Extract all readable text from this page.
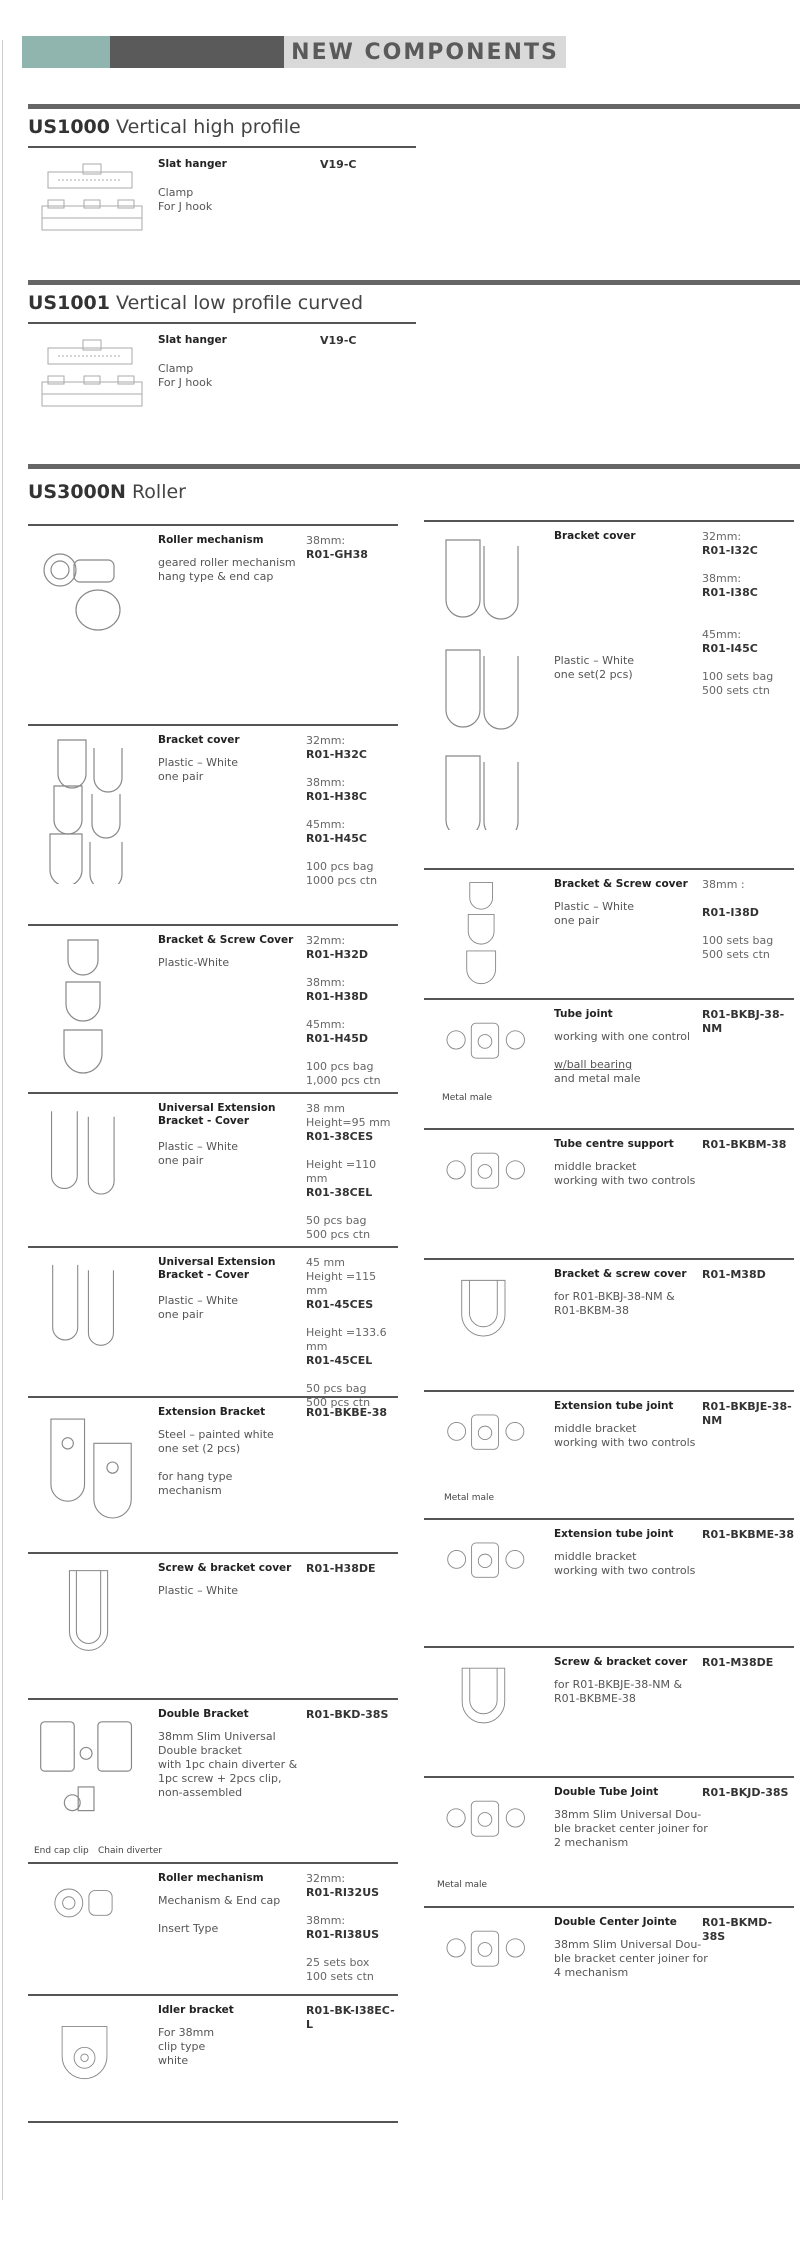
NEW COMPONENTS
US1000 Vertical high profile
Slat hanger	V19-C
Clamp
For J hook
US1001 Vertical low profile curved
Slat hanger	V19-C
Clamp
For J hook
US3000N Roller
Roller mechanism
geared roller mechanism
hang type & end cap
38mm:
R01-GH38
Bracket cover
Plastic – White
one pair
32mm:
R01-H32C
38mm:
R01-H38C
45mm:
R01-H45C
100 pcs bag
1000 pcs ctn
Bracket & Screw Cover
Plastic-White
32mm:
R01-H32D
38mm:
R01-H38D
45mm:
R01-H45D
100 pcs bag
1,000 pcs ctn
Universal Extension
Bracket - Cover
Plastic – White
one pair
38 mm
Height=95 mm
R01-38CES
Height =110 mm
R01-38CEL
50 pcs bag
500 pcs ctn
Universal Extension
Bracket - Cover
Plastic – White
one pair
45 mm
Height =115 mm
R01-45CES
Height =133.6
mm
R01-45CEL
50 pcs bag
500 pcs ctn
Extension Bracket
Steel – painted white
one set (2 pcs)

for hang type
mechanism
R01-BKBE-38
Screw & bracket cover
Plastic – White
R01-H38DE
Double Bracket
38mm Slim Universal
Double bracket
with 1pc chain diverter &
1pc screw + 2pcs clip,
non-assembled
R01-BKD-38S
Roller mechanism
Mechanism & End cap

Insert Type
32mm:
R01-RI32US
38mm:
R01-RI38US
25 sets box
100 sets ctn
Idler bracket
For 38mm
clip type
white
R01-BK-I38EC-L
Bracket cover
Plastic – White
one set(2 pcs)
32mm:
R01-I32C
38mm:
R01-I38C
45mm:
R01-I45C
100 sets bag
500 sets ctn
Bracket & Screw cover
Plastic – White
one pair
38mm :
R01-I38D
100 sets bag
500 sets ctn
Tube joint
working with one control

w/ball bearing
and metal male
R01-BKBJ-38-NM
Tube centre support
middle bracket
working with two controls
R01-BKBM-38
Bracket & screw cover
for R01-BKBJ-38-NM &
R01-BKBM-38
R01-M38D
Extension tube joint
middle bracket
working with two controls
R01-BKBJE-38-NM
Extension tube joint
middle bracket
working with two controls
R01-BKBME-38
Screw & bracket cover
for R01-BKBJE-38-NM &
R01-BKBME-38
R01-M38DE
Double Tube Joint
38mm Slim Universal Dou-
ble bracket center joiner for
2 mechanism
R01-BKJD-38S
Double Center Jointe
38mm Slim Universal Dou-
ble bracket center joiner for
4 mechanism
R01-BKMD-38S
Metal male
Metal male
Metal male
End cap clip Chain diverter
